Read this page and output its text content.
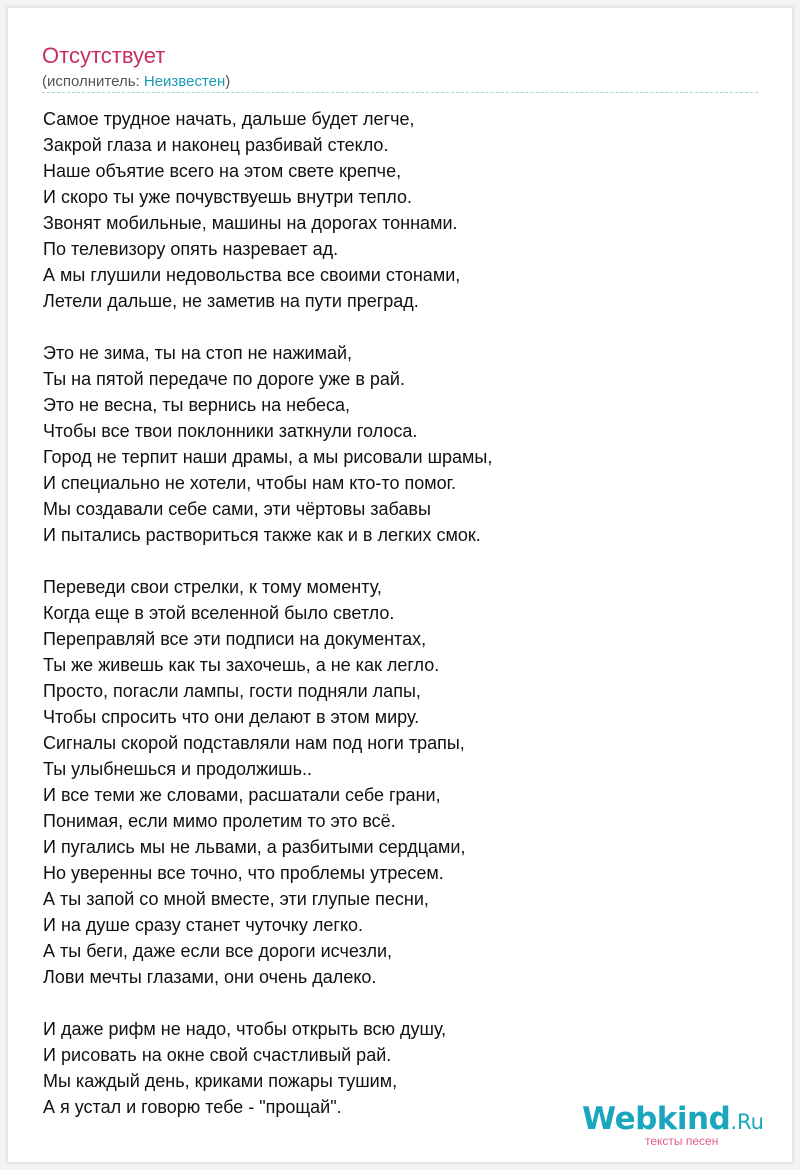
Отсутствует
(исполнитель: Неизвестен)
Самое трудное начать, дальше будет легче,
Закрой глаза и наконец разбивай стекло.
Наше объятие всего на этом свете крепче,
И скоро ты уже почувствуешь внутри тепло.
Звонят мобильные, машины на дорогах тоннами.
По телевизору опять назревает ад.
А мы глушили недовольства все своими стонами,
Летели дальше, не заметив на пути преград.
Это не зима, ты на стоп не нажимай,
Ты на пятой передаче по дороге уже в рай.
Это не весна, ты вернись на небеса,
Чтобы все твои поклонники заткнули голоса.
Город не терпит наши драмы, а мы рисовали шрамы,
И специально не хотели, чтобы нам кто-то помог.
Мы создавали себе сами, эти чёртовы забавы
И пытались раствориться также как и в легких смок.
Переведи свои стрелки, к тому моменту,
Когда еще в этой вселенной было светло.
Переправляй все эти подписи на документах,
Ты же живешь как ты захочешь, а не как легло.
Просто, погасли лампы, гости подняли лапы,
Чтобы спросить что они делают в этом миру.
Сигналы скорой подставляли нам под ноги трапы,
Ты улыбнешься и продолжишь..
И все теми же словами, расшатали себе грани,
Понимая, если мимо пролетим то это всё.
И пугались мы не львами, а разбитыми сердцами,
Но уверенны все точно, что проблемы утресем.
А ты запой со мной вместе, эти глупые песни,
И на душе сразу станет чуточку легко.
А ты беги, даже если все дороги исчезли,
Лови мечты глазами, они очень далеко.
И даже рифм не надо, чтобы открыть всю душу,
И рисовать на окне свой счастливый рай.
Мы каждый день, криками пожары тушим,
А я устал и говорю тебе - "прощай".	Webkind.Ru
тексты песен
